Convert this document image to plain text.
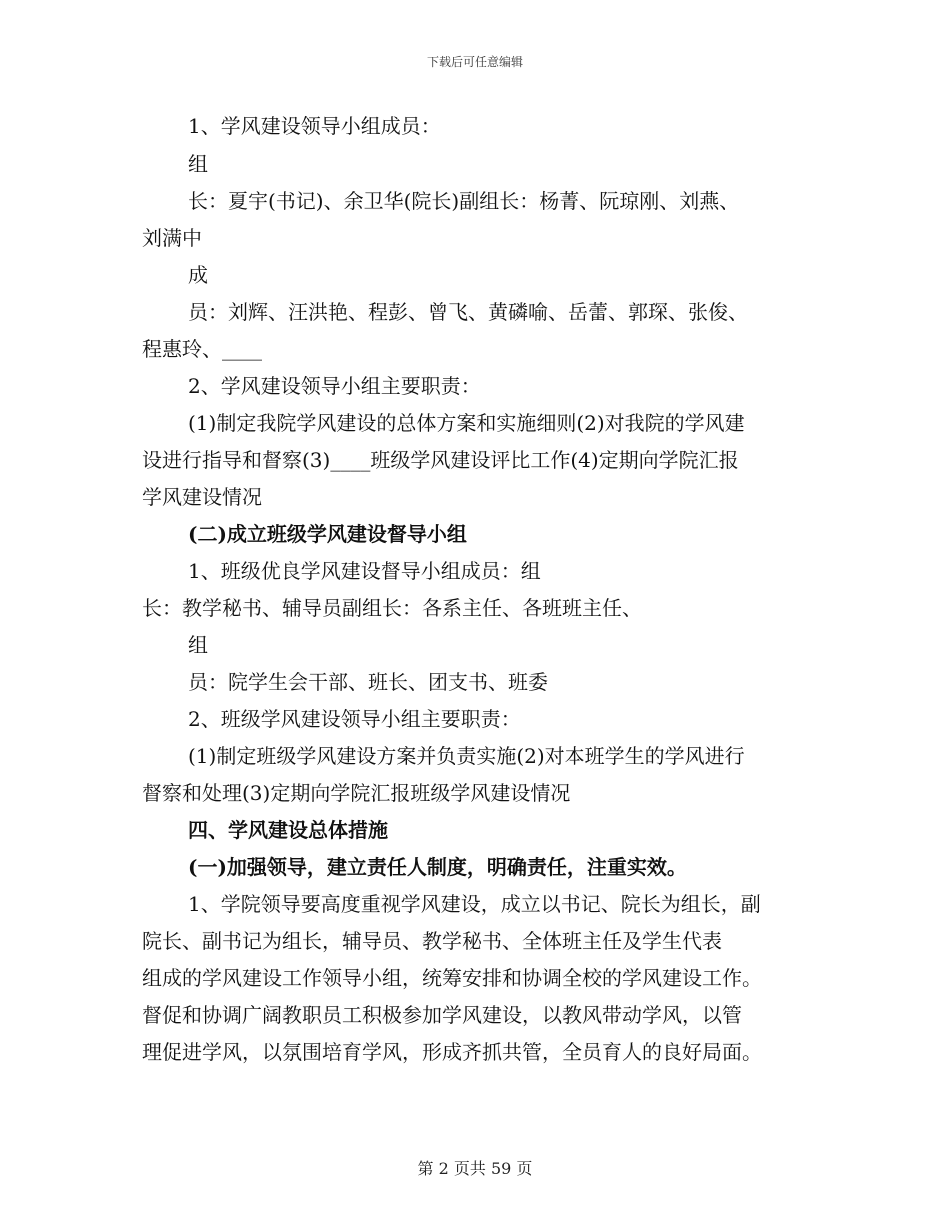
下载后可任意编辑
1、学风建设领导小组成员：
组
长：夏宇(书记)、余卫华(院长)副组长：杨菁、阮琼刚、刘燕、
刘满中
成
员：刘辉、汪洪艳、程彭、曾飞、黄磷喻、岳蕾、郭琛、张俊、
程惠玲、____
2、学风建设领导小组主要职责：
(1)制定我院学风建设的总体方案和实施细则(2)对我院的学风建
设进行指导和督察(3)____班级学风建设评比工作(4)定期向学院汇报
学风建设情况
(二)成立班级学风建设督导小组
1、班级优良学风建设督导小组成员：组
长：教学秘书、辅导员副组长：各系主任、各班班主任、
组
员：院学生会干部、班长、团支书、班委
2、班级学风建设领导小组主要职责：
(1)制定班级学风建设方案并负责实施(2)对本班学生的学风进行
督察和处理(3)定期向学院汇报班级学风建设情况
四、学风建设总体措施
(一)加强领导，建立责任人制度，明确责任，注重实效。
1、学院领导要高度重视学风建设，成立以书记、院长为组长，副
院长、副书记为组长，辅导员、教学秘书、全体班主任及学生代表
组成的学风建设工作领导小组，统筹安排和协调全校的学风建设工作。
督促和协调广阔教职员工积极参加学风建设，以教风带动学风，以管
理促进学风，以氛围培育学风，形成齐抓共管，全员育人的良好局面。
第 2 页共 59 页
